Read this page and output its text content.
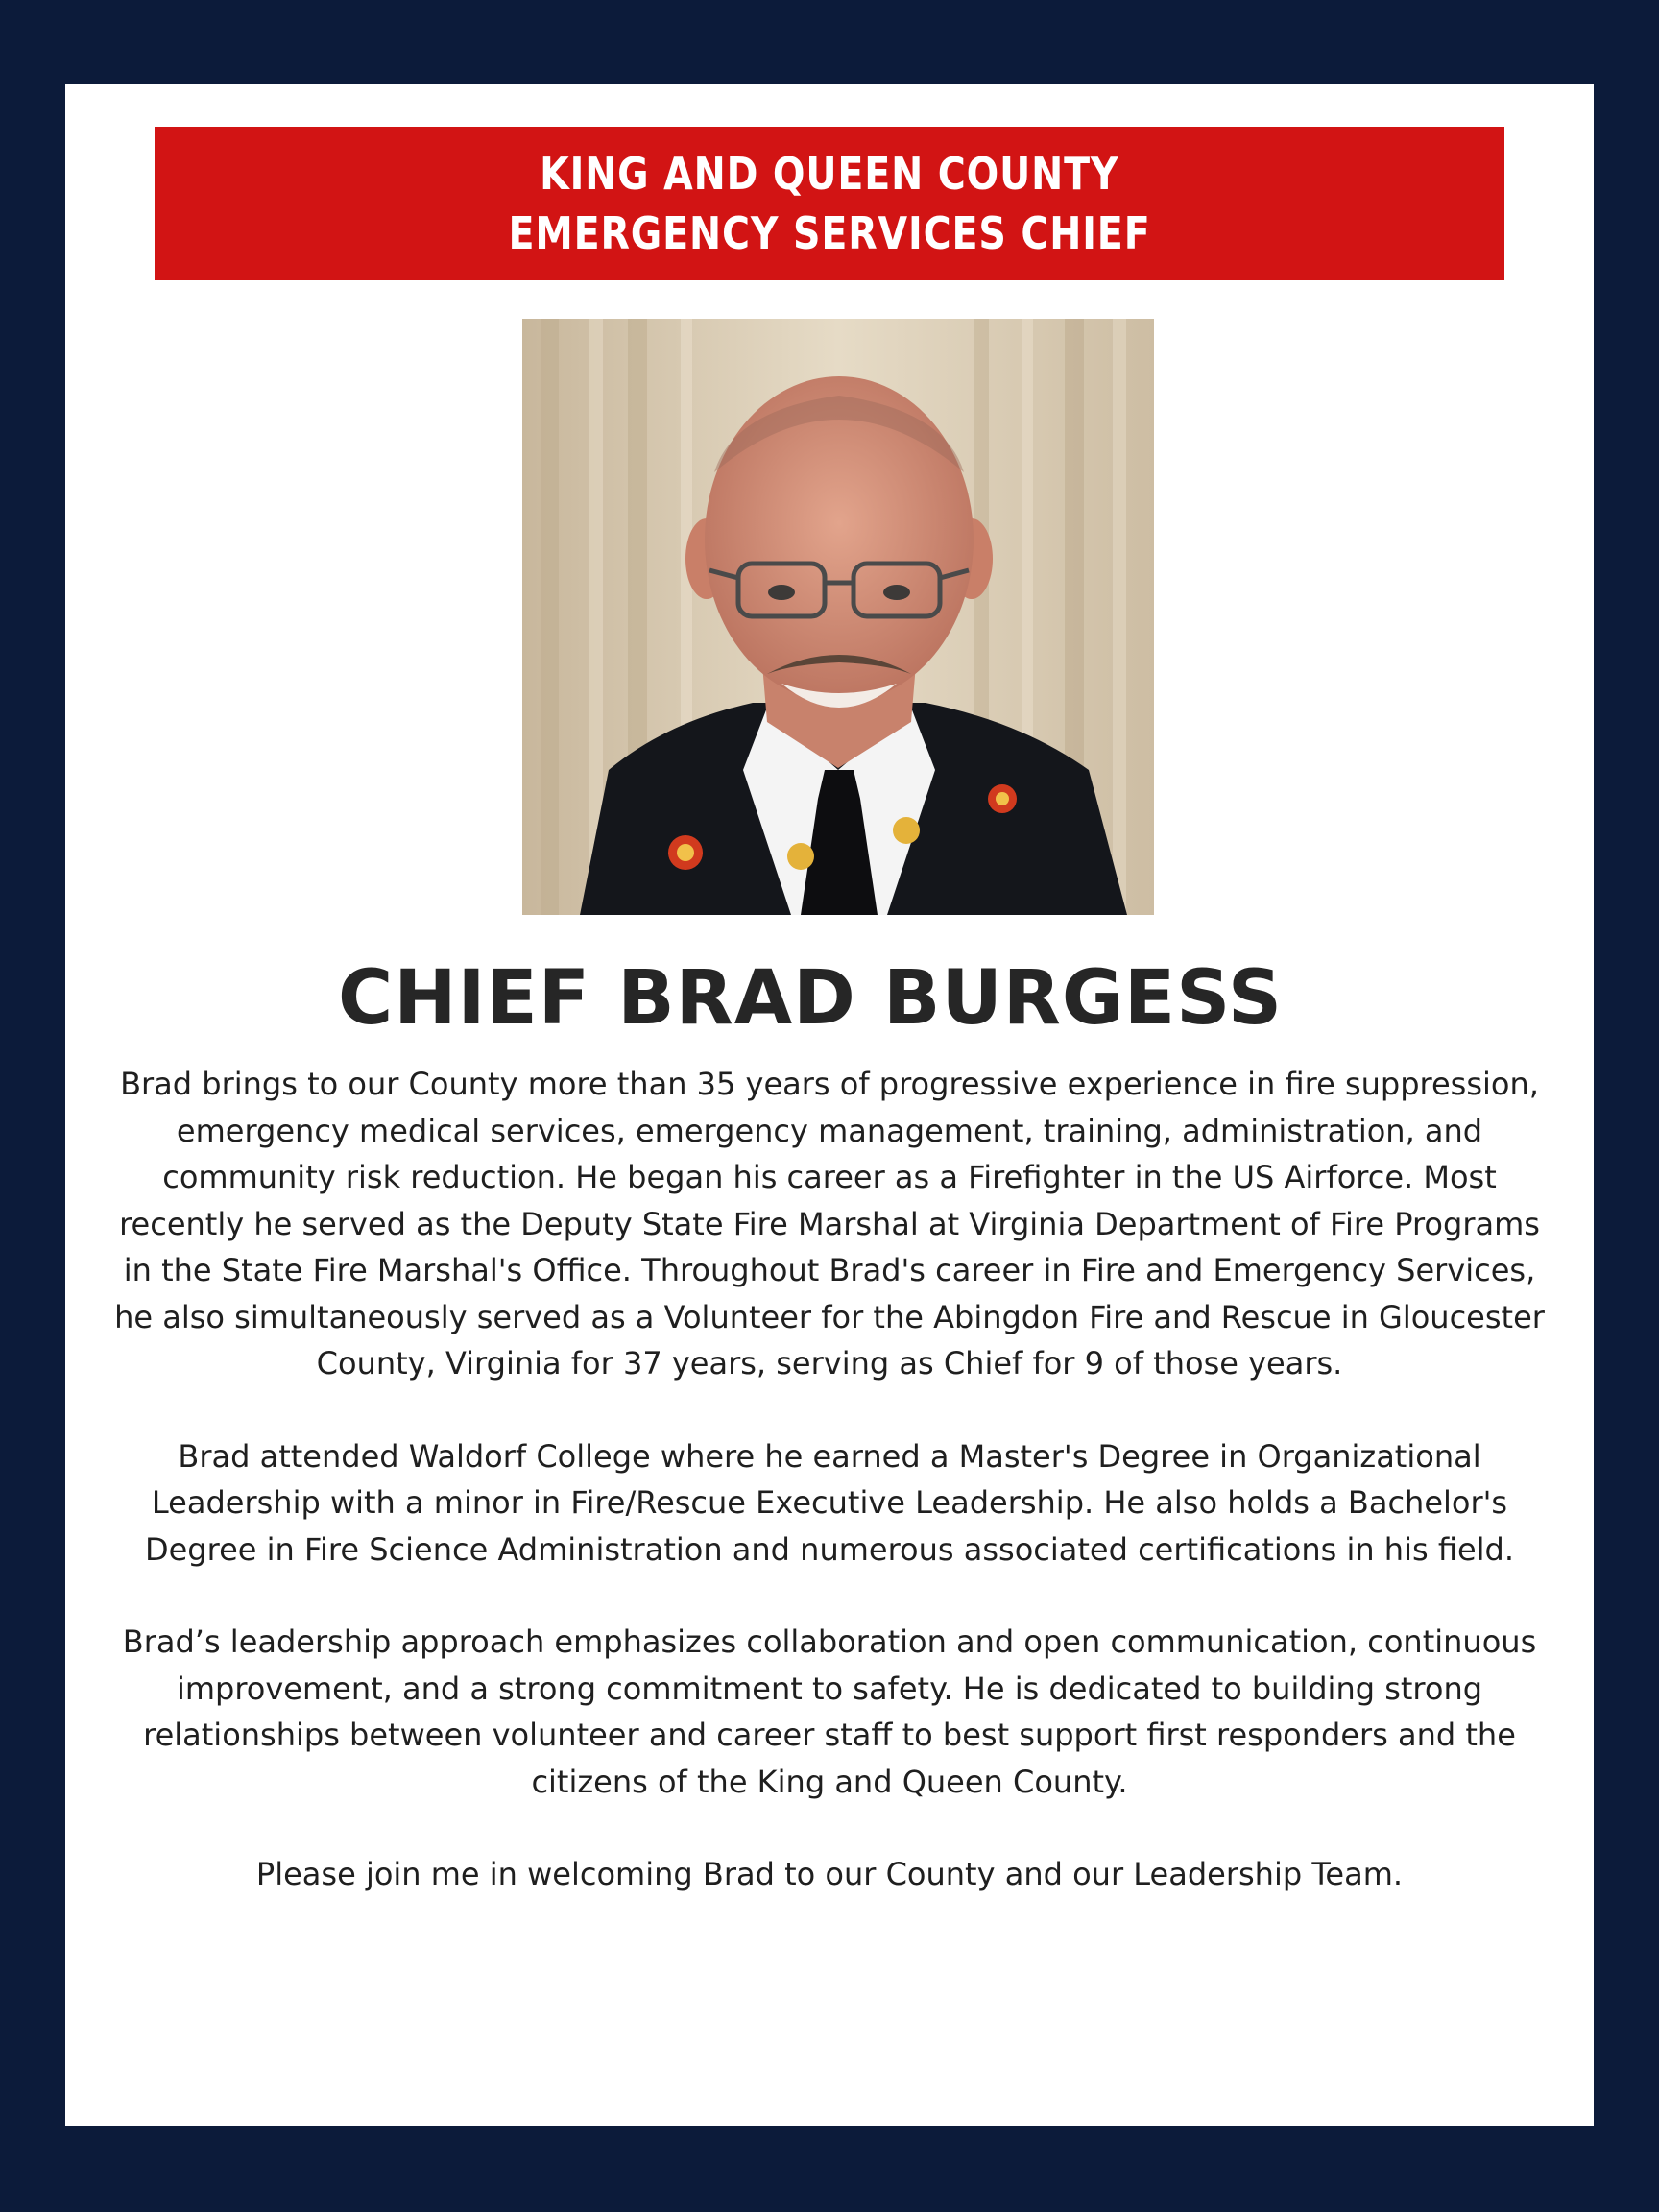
KING AND QUEEN COUNTY
EMERGENCY SERVICES CHIEF
CHIEF BRAD BURGESS

Brad brings to our County more than 35 years of progressive experience in fire suppression, emergency medical services, emergency management, training, administration, and community risk reduction. He began his career as a Firefighter in the US Airforce. Most recently he served as the Deputy State Fire Marshal at Virginia Department of Fire Programs in the State Fire Marshal's Office. Throughout Brad's career in Fire and Emergency Services, he also simultaneously served as a Volunteer for the Abingdon Fire and Rescue in Gloucester County, Virginia for 37 years, serving as Chief for 9 of those years.

Brad attended Waldorf College where he earned a Master's Degree in Organizational Leadership with a minor in Fire/Rescue Executive Leadership. He also holds a Bachelor's Degree in Fire Science Administration and numerous associated certifications in his field.

Brad’s leadership approach emphasizes collaboration and open communication, continuous improvement, and a strong commitment to safety. He is dedicated to building strong relationships between volunteer and career staff to best support first responders and the citizens of the King and Queen County.

Please join me in welcoming Brad to our County and our Leadership Team.
